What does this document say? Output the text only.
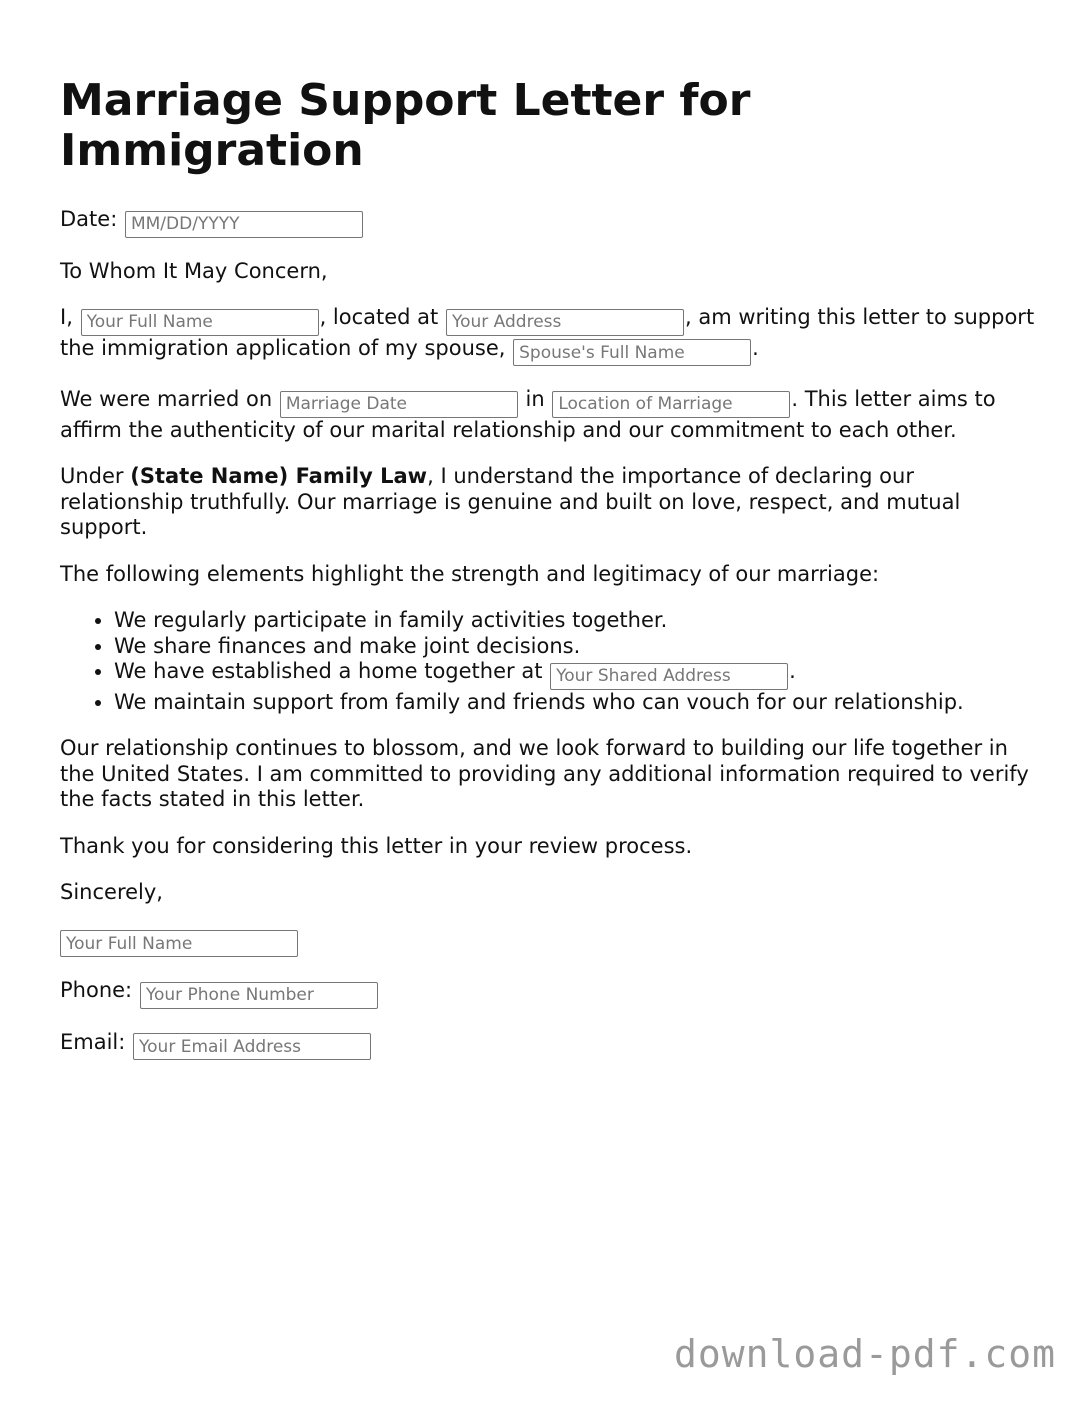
Marriage Support Letter for Immigration

Date: MM/DD/YYYY

To Whom It May Concern,

I, Your Full Name	, located at Your Address	, am writing this letter to support the immigration application of my spouse, Spouse's Full Name	.

We were married on Marriage Date	in Location of Marriage	. This letter aims to affirm the authenticity of our marital relationship and our commitment to each other.

Under (State Name) Family Law, I understand the importance of declaring our relationship truthfully. Our marriage is genuine and built on love, respect, and mutual support.

The following elements highlight the strength and legitimacy of our marriage:

• We regularly participate in family activities together.
• We share finances and make joint decisions.
• We have established a home together at Your Shared Address	.
• We maintain support from family and friends who can vouch for our relationship.

Our relationship continues to blossom, and we look forward to building our life together in the United States. I am committed to providing any additional information required to verify the facts stated in this letter.

Thank you for considering this letter in your review process.

Sincerely,

Your Full Name

Phone: Your Phone Number

Email: Your Email Address

download-pdf.com
